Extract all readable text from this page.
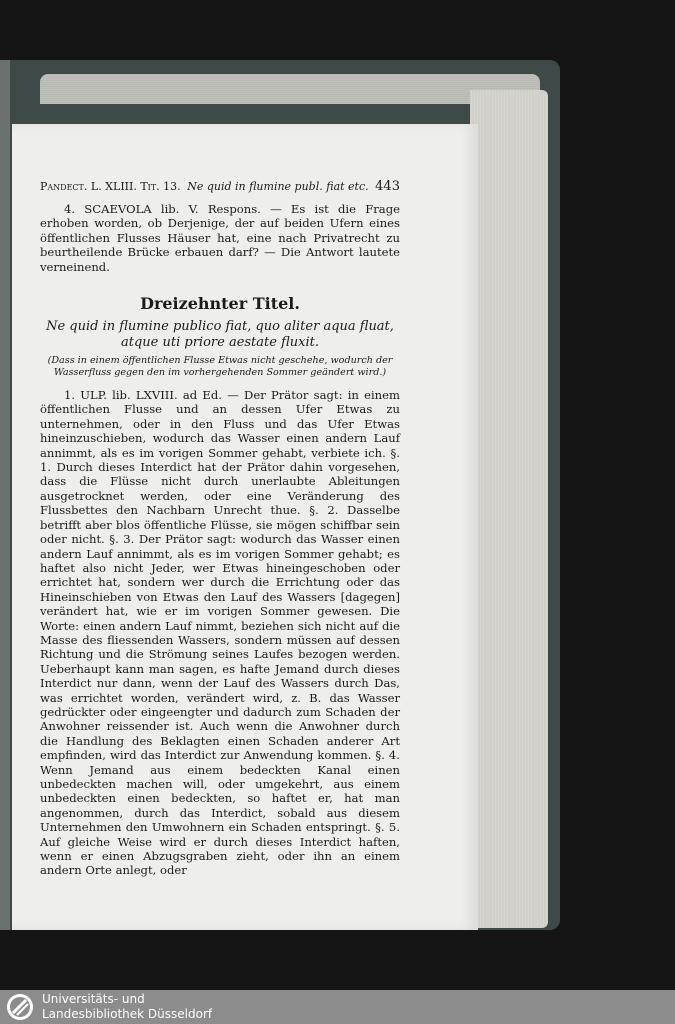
Pandect. L. XLIII. Tit. 13. Ne quid in flumine publ. fiat etc. 443

4. SCAEVOLA lib. V. Respons. — Es ist die Frage erhoben worden, ob Derjenige, der auf beiden Ufern eines öffentlichen Flusses Häuser hat, eine nach Privatrecht zu beurtheilende Brücke erbauen darf? — Die Antwort lautete verneinend.

Dreizehnter Titel.

Ne quid in flumine publico fiat, quo aliter aqua fluat, atque uti priore aestate fluxit.

(Dass in einem öffentlichen Flusse Etwas nicht geschehe, wodurch der Wasserfluss gegen den im vorhergehenden Sommer geändert wird.)

1. ULP. lib. LXVIII. ad Ed. — Der Prätor sagt: in einem öffentlichen Flusse und an dessen Ufer Etwas zu unternehmen, oder in den Fluss und das Ufer Etwas hineinzuschieben, wodurch das Wasser einen andern Lauf annimmt, als es im vorigen Sommer gehabt, verbiete ich. §. 1. Durch dieses Interdict hat der Prätor dahin vorgesehen, dass die Flüsse nicht durch unerlaubte Ableitungen ausgetrocknet werden, oder eine Veränderung des Flussbettes den Nachbarn Unrecht thue. §. 2. Dasselbe betrifft aber blos öffentliche Flüsse, sie mögen schiffbar sein oder nicht. §. 3. Der Prätor sagt: wodurch das Wasser einen andern Lauf annimmt, als es im vorigen Sommer gehabt; es haftet also nicht Jeder, wer Etwas hineingeschoben oder errichtet hat, sondern wer durch die Errichtung oder das Hineinschieben von Etwas den Lauf des Wassers [dagegen] verändert hat, wie er im vorigen Sommer gewesen. Die Worte: einen andern Lauf nimmt, beziehen sich nicht auf die Masse des fliessenden Wassers, sondern müssen auf dessen Richtung und die Strömung seines Laufes bezogen werden. Ueberhaupt kann man sagen, es hafte Jemand durch dieses Interdict nur dann, wenn der Lauf des Wassers durch Das, was errichtet worden, verändert wird, z. B. das Wasser gedrückter oder eingeengter und dadurch zum Schaden der Anwohner reissender ist. Auch wenn die Anwohner durch die Handlung des Beklagten einen Schaden anderer Art empfinden, wird das Interdict zur Anwendung kommen. §. 4. Wenn Jemand aus einem bedeckten Kanal einen unbedeckten machen will, oder umgekehrt, aus einem unbedeckten einen bedeckten, so haftet er, hat man angenommen, durch das Interdict, sobald aus diesem Unternehmen den Umwohnern ein Schaden entspringt. §. 5. Auf gleiche Weise wird er durch dieses Interdict haften, wenn er einen Abzugsgraben zieht, oder ihn an einem andern Orte anlegt, oder

Universitäts- und
Landesbibliothek Düsseldorf
